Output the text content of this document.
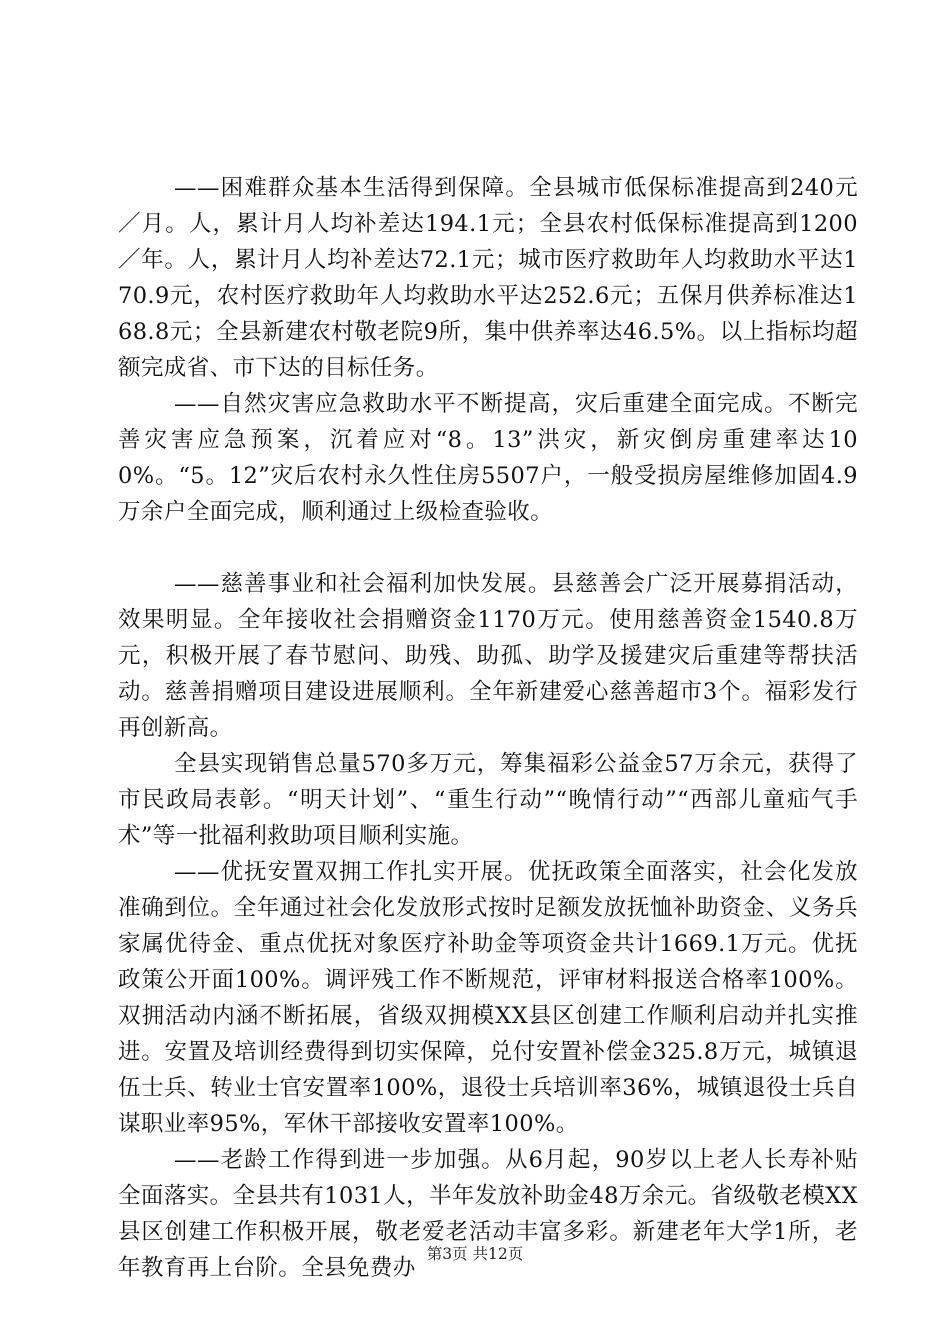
——困难群众基本生活得到保障。全县城市低保标准提高到240元／月。人，累计月人均补差达194.1元；全县农村低保标准提高到1200／年。人，累计月人均补差达72.1元；城市医疗救助年人均救助水平达170.9元，农村医疗救助年人均救助水平达252.6元；五保月供养标准达168.8元；全县新建农村敬老院9所，集中供养率达46.5%。以上指标均超额完成省、市下达的目标任务。

——自然灾害应急救助水平不断提高，灾后重建全面完成。不断完善灾害应急预案，沉着应对“8。13”洪灾，新灾倒房重建率达100%。“5。12”灾后农村永久性住房5507户，一般受损房屋维修加固4.9万余户全面完成，顺利通过上级检查验收。

——慈善事业和社会福利加快发展。县慈善会广泛开展募捐活动，效果明显。全年接收社会捐赠资金1170万元。使用慈善资金1540.8万元，积极开展了春节慰问、助残、助孤、助学及援建灾后重建等帮扶活动。慈善捐赠项目建设进展顺利。全年新建爱心慈善超市3个。福彩发行再创新高。

全县实现销售总量570多万元，筹集福彩公益金57万余元，获得了市民政局表彰。“明天计划”、“重生行动”“晚情行动”“西部儿童疝气手术”等一批福利救助项目顺利实施。

——优抚安置双拥工作扎实开展。优抚政策全面落实，社会化发放准确到位。全年通过社会化发放形式按时足额发放抚恤补助资金、义务兵家属优待金、重点优抚对象医疗补助金等项资金共计1669.1万元。优抚政策公开面100%。调评残工作不断规范，评审材料报送合格率100%。双拥活动内涵不断拓展，省级双拥模XX县区创建工作顺利启动并扎实推进。安置及培训经费得到切实保障，兑付安置补偿金325.8万元，城镇退伍士兵、转业士官安置率100%，退役士兵培训率36%，城镇退役士兵自谋职业率95%，军休干部接收安置率100%。

——老龄工作得到进一步加强。从6月起，90岁以上老人长寿补贴全面落实。全县共有1031人，半年发放补助金48万余元。省级敬老模XX县区创建工作积极开展，敬老爱老活动丰富多彩。新建老年大学1所，老年教育再上台阶。全县免费办

第3页 共12页
